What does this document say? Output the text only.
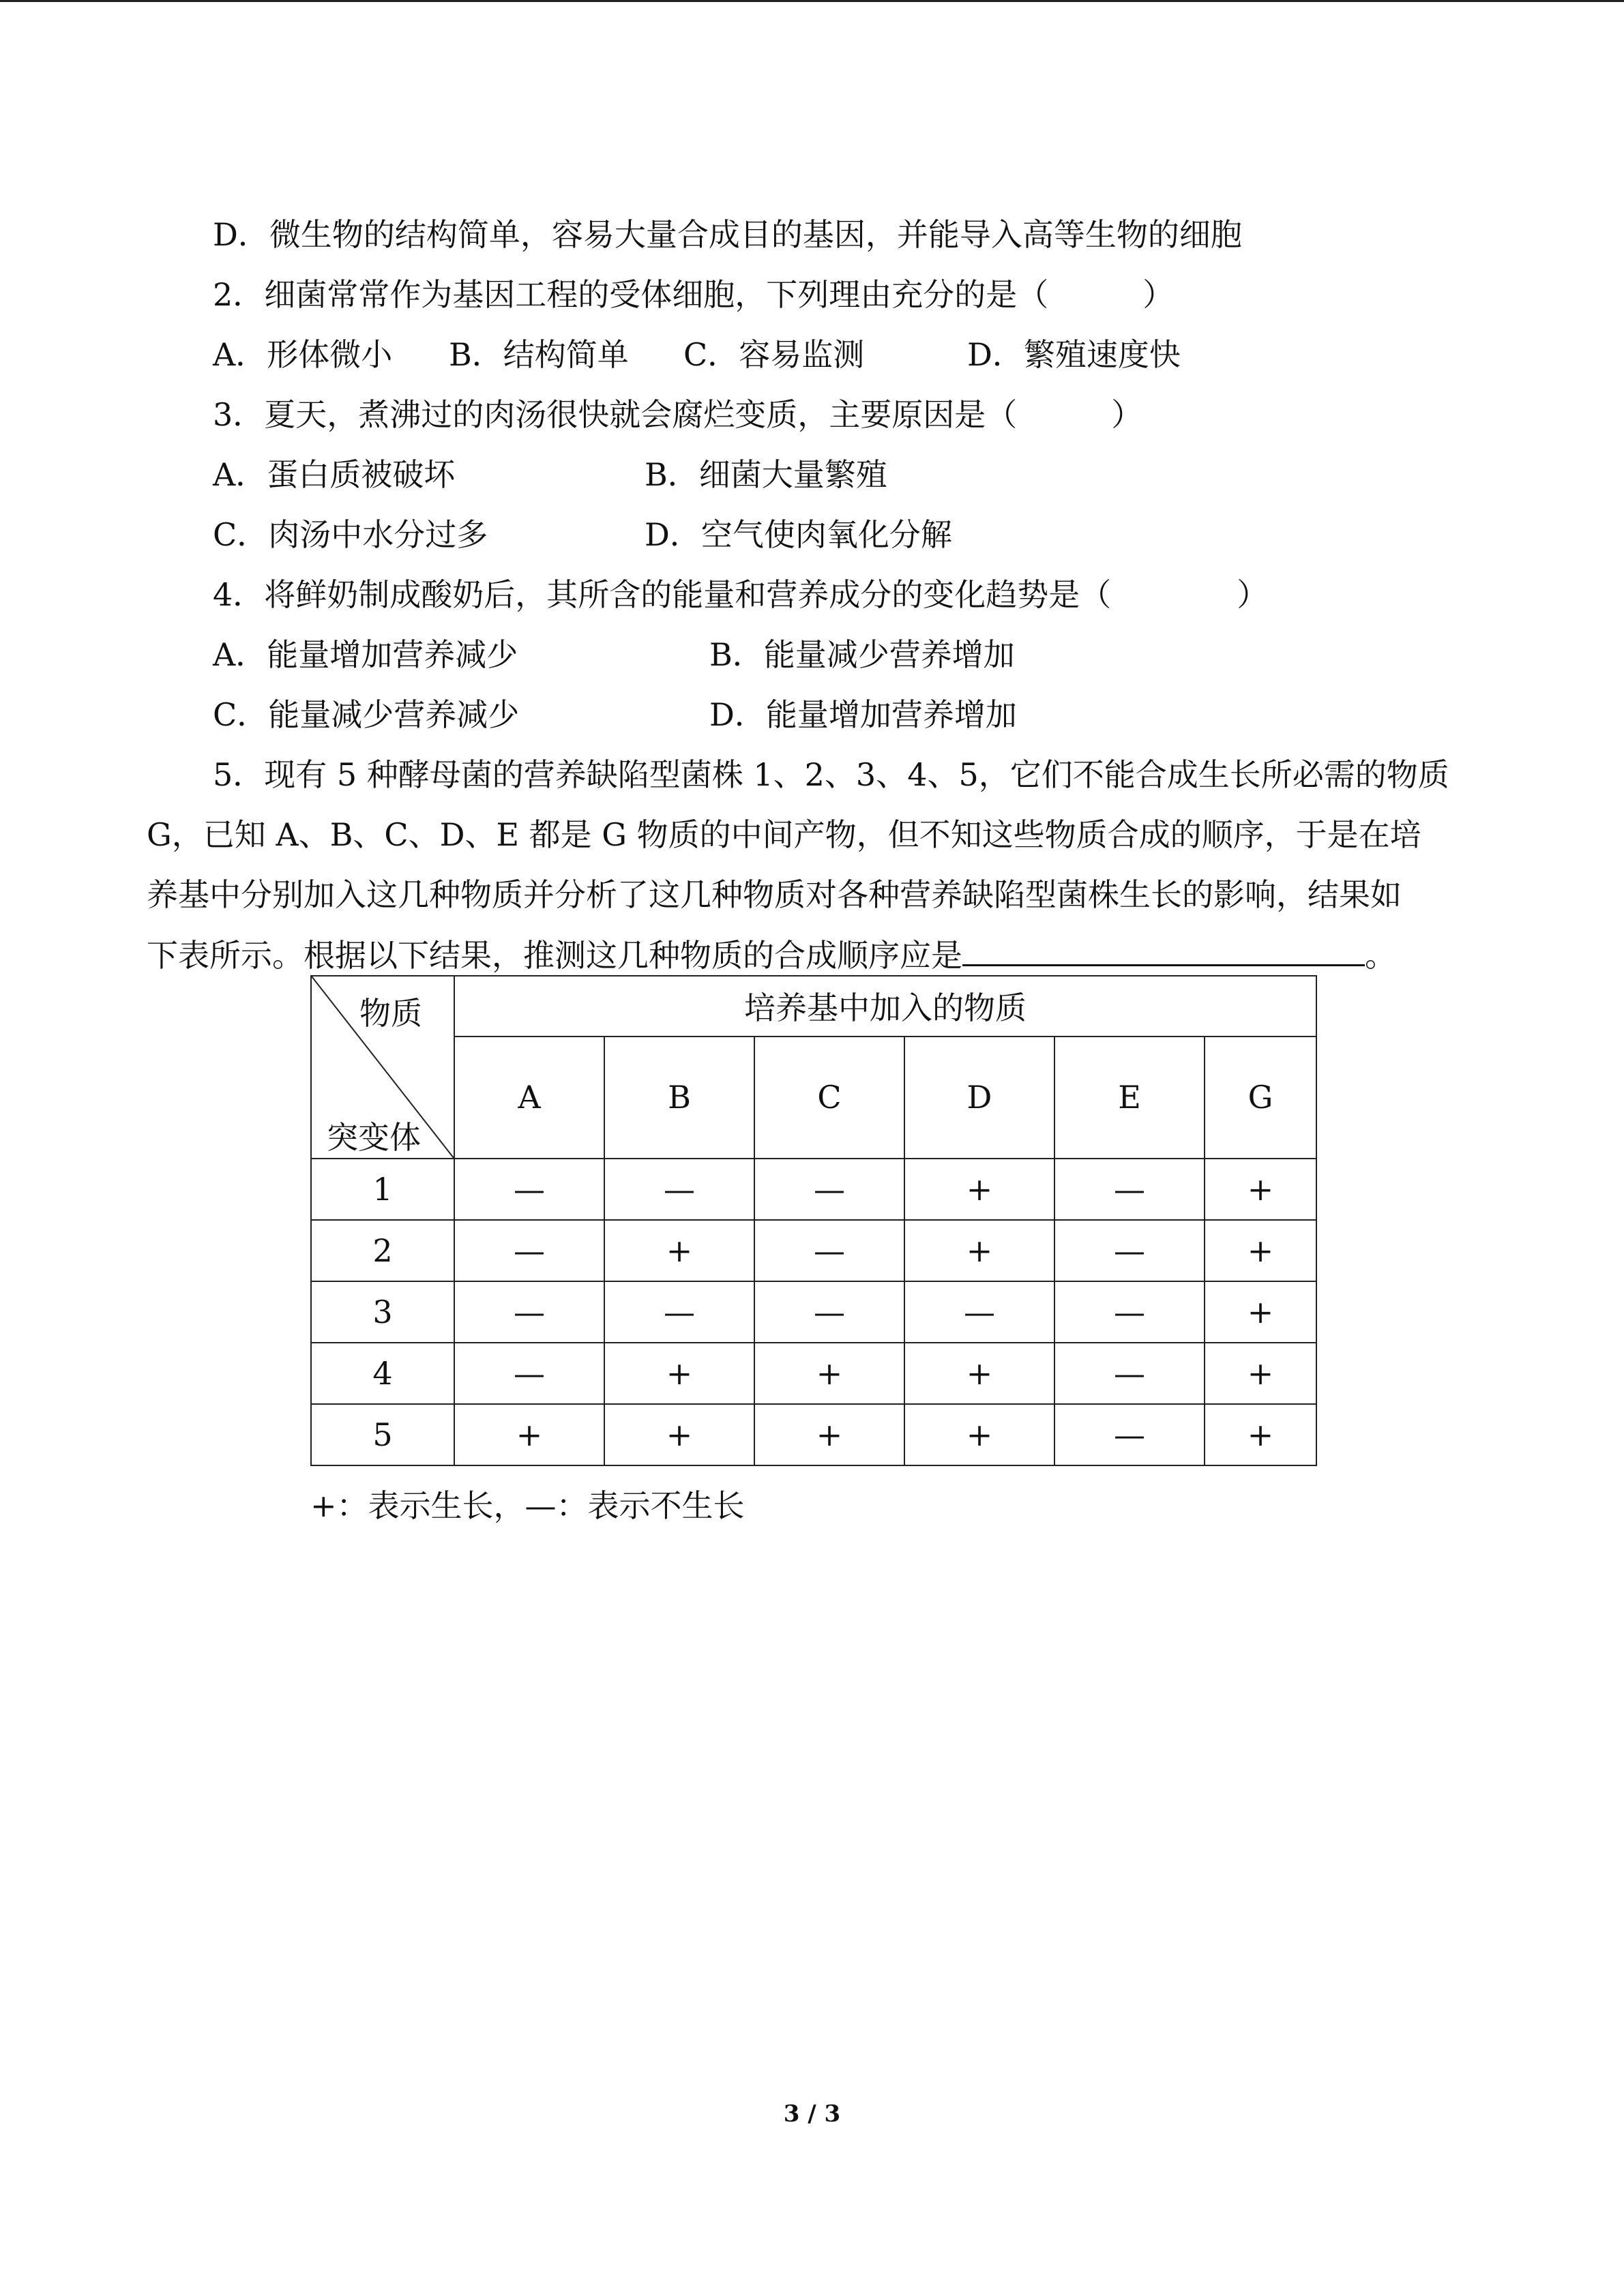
D．微生物的结构简单，容易大量合成目的基因，并能导入高等生物的细胞
2．细菌常常作为基因工程的受体细胞，下列理由充分的是（　　　）
A．形体微小 B．结构简单 C．容易监测	D．繁殖速度快
3．夏天，煮沸过的肉汤很快就会腐烂变质，主要原因是（　　　）
A．蛋白质被破坏	B．细菌大量繁殖
C．肉汤中水分过多	D．空气使肉氧化分解
4．将鲜奶制成酸奶后，其所含的能量和营养成分的变化趋势是（　　　　）
A．能量增加营养减少	B．能量减少营养增加
C．能量减少营养减少	D．能量增加营养增加
5．现有 5 种酵母菌的营养缺陷型菌株 1、2、3、4、5，它们不能合成生长所必需的物质
G，已知 A、B、C、D、E 都是 G 物质的中间产物，但不知这些物质合成的顺序，于是在培
养基中分别加入这几种物质并分析了这几种物质对各种营养缺陷型菌株生长的影响，结果如
下表所示。根据以下结果，推测这几种物质的合成顺序应是	。
物质
突变体	培养基中加入的物质					
	A	B	C	D	E	G
1	—	—	—	+	—	+
2	—	+	—	+	—	+
3	—	—	—	—	—	+
4	—	+	+	+	—	+
5	+	+	+	+	—	+
+：表示生长，—：表示不生长
3 / 3
